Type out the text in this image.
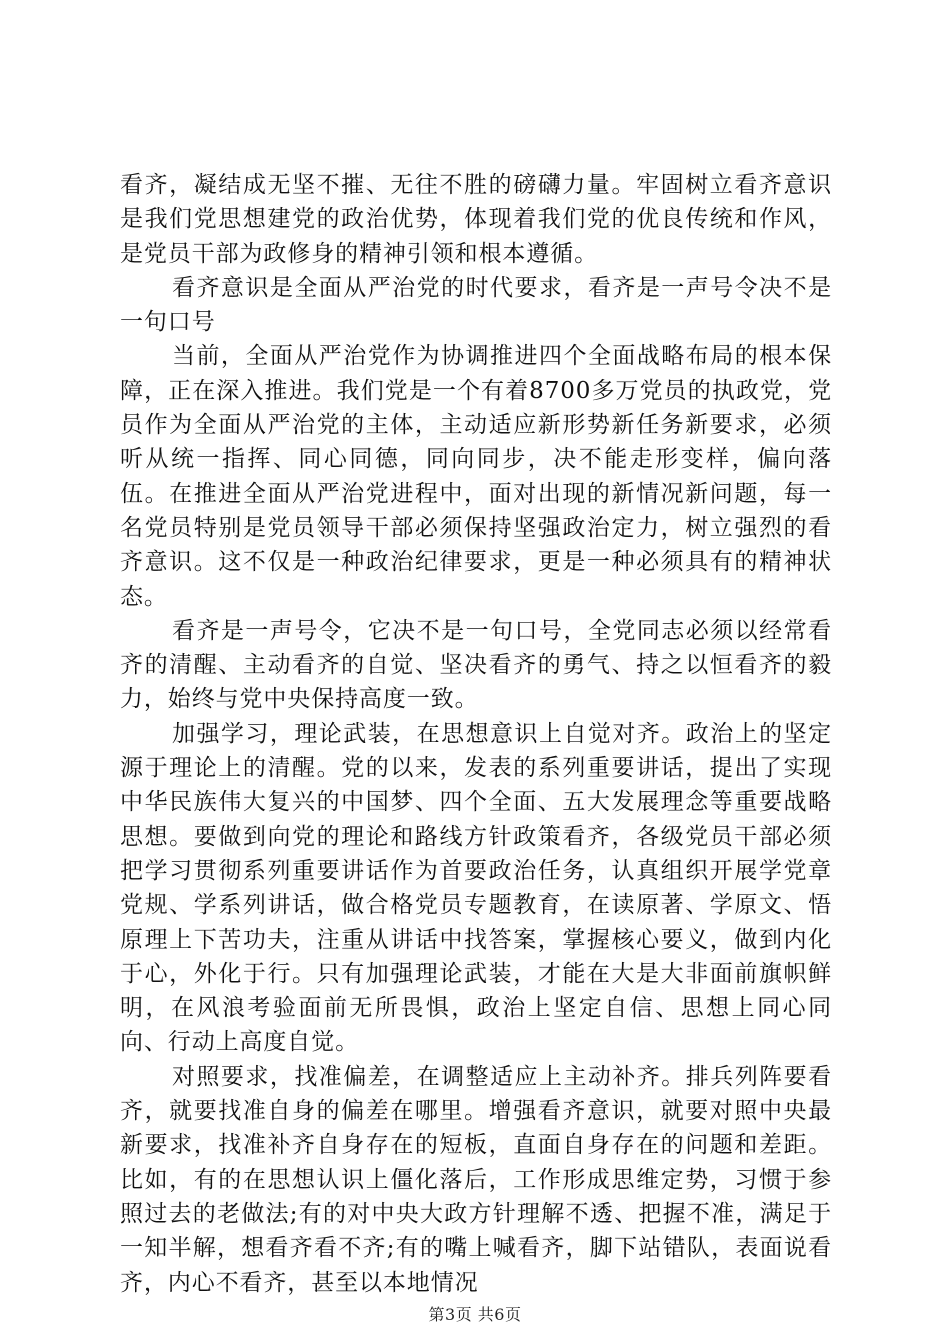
看齐，凝结成无坚不摧、无往不胜的磅礴力量。牢固树立看齐意识是我们党思想建党的政治优势，体现着我们党的优良传统和作风，是党员干部为政修身的精神引领和根本遵循。

看齐意识是全面从严治党的时代要求，看齐是一声号令决不是一句口号

当前，全面从严治党作为协调推进四个全面战略布局的根本保障，正在深入推进。我们党是一个有着8700多万党员的执政党，党员作为全面从严治党的主体，主动适应新形势新任务新要求，必须听从统一指挥、同心同德，同向同步，决不能走形变样，偏向落伍。在推进全面从严治党进程中，面对出现的新情况新问题，每一名党员特别是党员领导干部必须保持坚强政治定力，树立强烈的看齐意识。这不仅是一种政治纪律要求，更是一种必须具有的精神状态。

看齐是一声号令，它决不是一句口号，全党同志必须以经常看齐的清醒、主动看齐的自觉、坚决看齐的勇气、持之以恒看齐的毅力，始终与党中央保持高度一致。

加强学习，理论武装，在思想意识上自觉对齐。政治上的坚定源于理论上的清醒。党的以来，发表的系列重要讲话，提出了实现中华民族伟大复兴的中国梦、四个全面、五大发展理念等重要战略思想。要做到向党的理论和路线方针政策看齐，各级党员干部必须把学习贯彻系列重要讲话作为首要政治任务，认真组织开展学党章党规、学系列讲话，做合格党员专题教育，在读原著、学原文、悟原理上下苦功夫，注重从讲话中找答案，掌握核心要义，做到内化于心，外化于行。只有加强理论武装，才能在大是大非面前旗帜鲜明，在风浪考验面前无所畏惧，政治上坚定自信、思想上同心同向、行动上高度自觉。

对照要求，找准偏差，在调整适应上主动补齐。排兵列阵要看齐，就要找准自身的偏差在哪里。增强看齐意识，就要对照中央最新要求，找准补齐自身存在的短板，直面自身存在的问题和差距。比如，有的在思想认识上僵化落后，工作形成思维定势，习惯于参照过去的老做法;有的对中央大政方针理解不透、把握不准，满足于一知半解，想看齐看不齐;有的嘴上喊看齐，脚下站错队，表面说看齐，内心不看齐，甚至以本地情况

第3页 共6页
